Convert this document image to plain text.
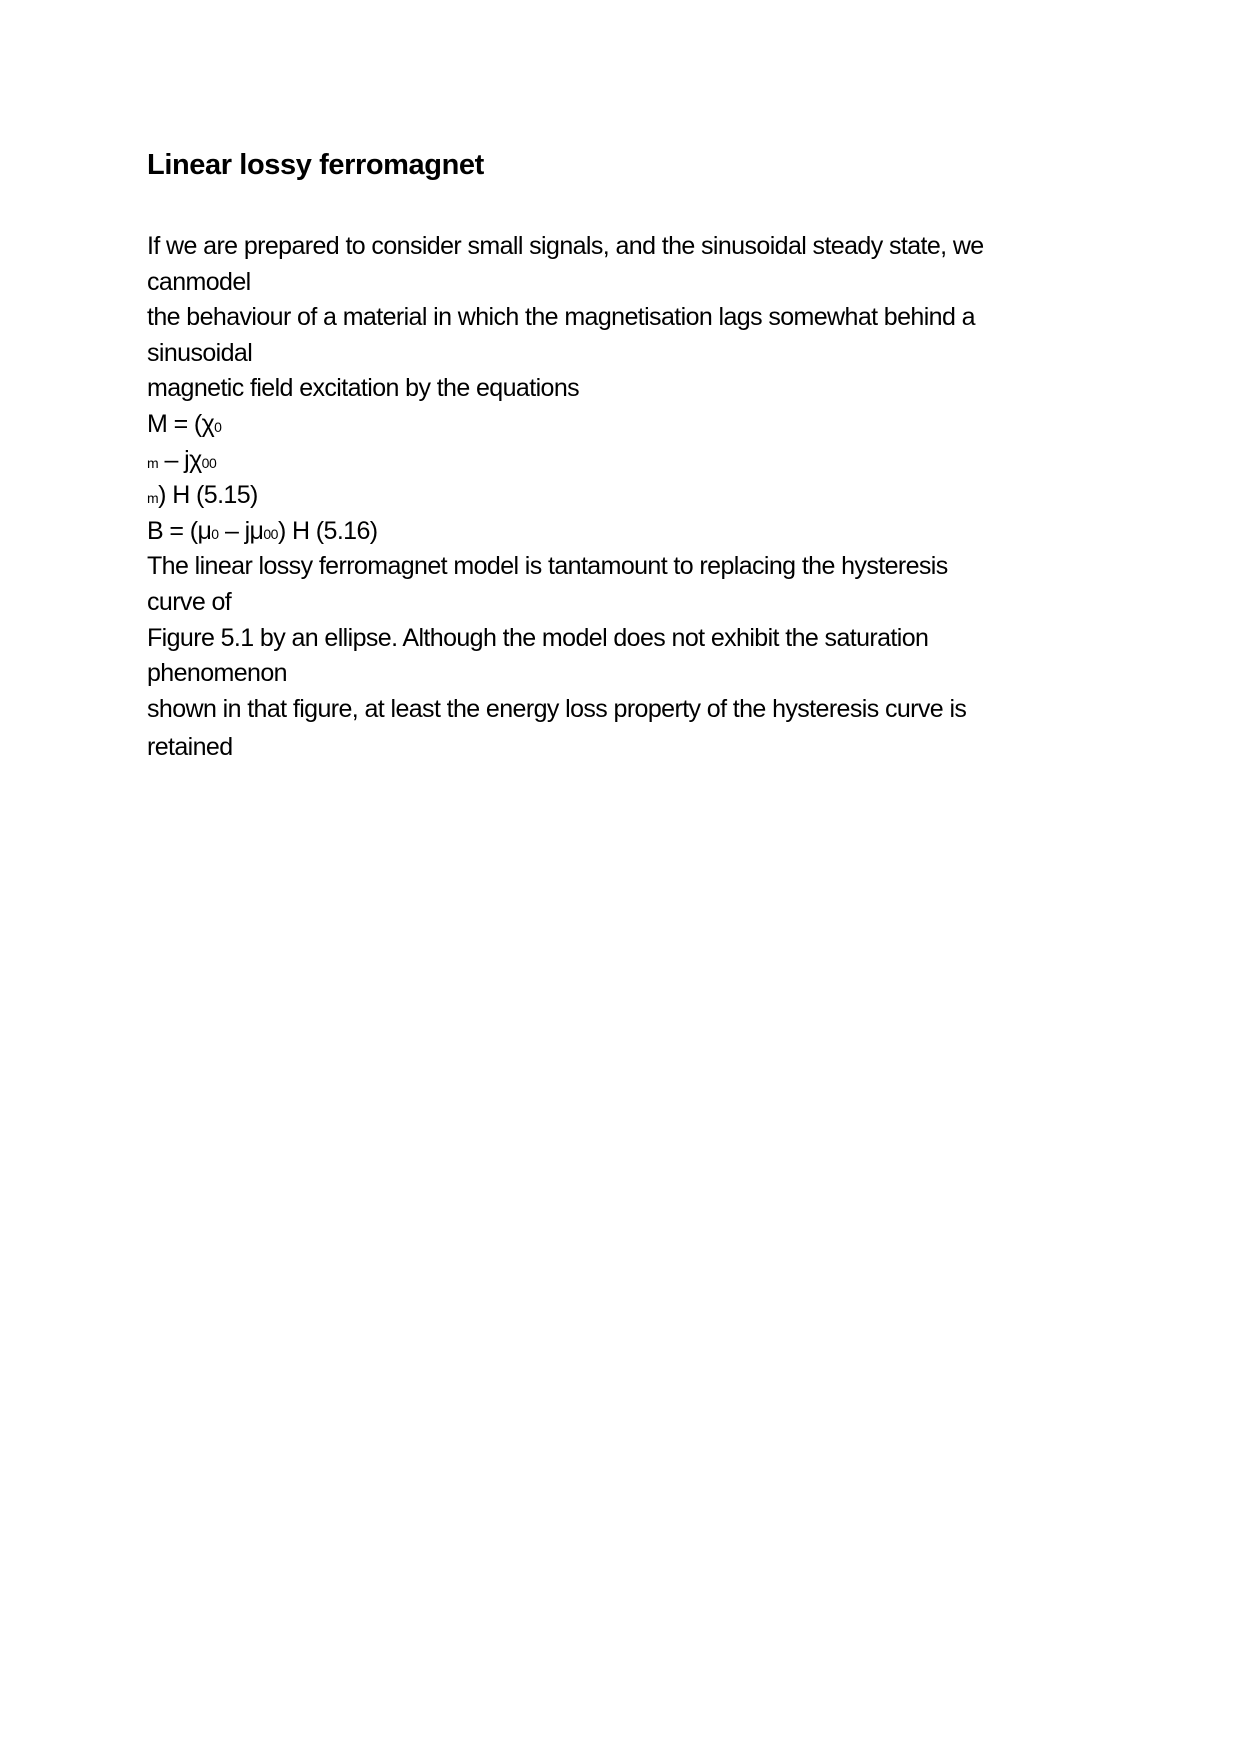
Linear lossy ferromagnet
If we are prepared to consider small signals, and the sinusoidal steady state, we
canmodel
the behaviour of a material in which the magnetisation lags somewhat behind a
sinusoidal
magnetic field excitation by the equations
M = (χ0
m – jχ00
m) H (5.15)
B = (μ0 – jμ00) H (5.16)
The linear lossy ferromagnet model is tantamount to replacing the hysteresis
curve of
Figure 5.1 by an ellipse. Although the model does not exhibit the saturation
phenomenon
shown in that figure, at least the energy loss property of the hysteresis curve is
retained
